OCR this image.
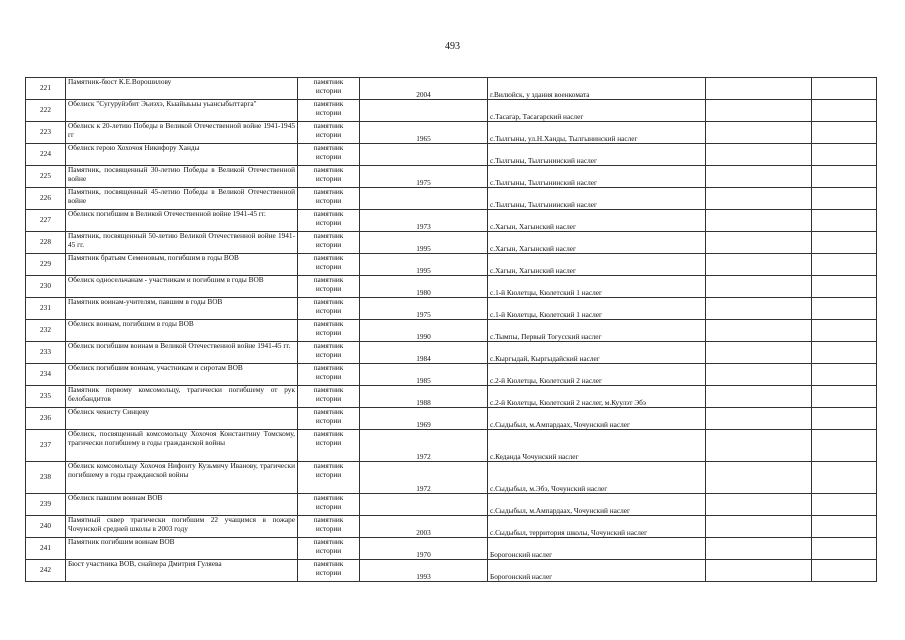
493
221	Памятник-бюст К.Е.Ворошилову	памятник
истории	2004	г.Вилюйск, у здания военкомата		
222	Обелиск "Сугуруйэбит Эьиэхэ, Кыайыьыы уьансыбыттарга"	памятник
истории		с.Тасагар, Тасагарский наслег		
223	Обелиск к 20-летию Победы в Великой Отечественной войне 1941-1945 гг	памятник
истории	1965	с.Тылгыны, ул.Н.Ханды, Тылгынинский наслег		
224	Обелиск герою Хохочоя Никифору Ханды	памятник
истории		с.Тылгыны, Тылгынинский наслег		
225	Памятник, посвященный 30-летию Победы в Великой Отечественной войне	памятник
истории	1975	с.Тылгыны, Тылгынинский наслег		
226	Памятник, посвященный 45-летию Победы в Великой Отечественной войне	памятник
истории		с.Тылгыны, Тылгынинский наслег		
227	Обелиск погибшим в Великой Отечественной войне 1941-45 гг.	памятник
истории	1973	с.Хагын, Хагынский наслег		
228	Памятник, посвященный 50-летию Великой Отечественной войне 1941-45 гг.	памятник
истории	1995	с.Хагын, Хагынский наслег		
229	Памятник братьям Семеновым, погибшим в годы ВОВ	памятник
истории	1995	с.Хагын, Хагынский наслег		
230	Обелиск односельчанам - участникам и погибшим в годы ВОВ	памятник
истории	1980	с.1-й Кюлетцы, Кюлетский 1 наслег		
231	Памятник воинам-учителям, павшим в годы ВОВ	памятник
истории	1975	с.1-й Кюлетцы, Кюлетский 1 наслег		
232	Обелиск воинам, погибшим в годы ВОВ	памятник
истории	1990	с.Тымпы, Первый Тогусский наслег		
233	Обелиск погибшим воинам в Великой Отечественной войне 1941-45 гг.	памятник
истории	1984	с.Кыргыдай, Кыргыдайский наслег		
234	Обелиск погибшим воинам, участникам и сиротам ВОВ	памятник
истории	1985	с.2-й Кюлетцы, Кюлетский 2 наслег		
235	Памятник первому комсомольцу, трагически погибшему от рук белобандитов	памятник
истории	1988	с.2-й Кюлетцы, Кюлетский 2 наслег, м.Куулэт Эбэ		
236	Обелиск чекисту Синцеву	памятник
истории	1969	с.Сыдыбыл, м.Ампардаах, Чочунский наслег		
237	Обелиск, посвященный комсомольцу Хохочоя Константину Томскому, трагически погибшему в годы гражданской войны	памятник
истории	1972	с.Кеданда Чочунский наслег		
238	Обелиск комсомольцу Хохочоя Нифонту Кузьмичу Иванову, трагически погибшему в годы гражданской войны	памятник
истории	1972	с.Сыдыбыл, м.Эбэ, Чочунский наслег		
239	Обелиск павшим воинам ВОВ	памятник
истории		с.Сыдыбыл, м.Ампардаах, Чочунский наслег		
240	Памятный сквер трагически погибшим 22 учащимся в пожаре Чочунской средней школы в 2003 году	памятник
истории	2003	с.Сыдыбыл, территория школы, Чочунский наслег		
241	Памятник погибшим воинам ВОВ	памятник
истории	1970	Борогонский наслег		
242	Бюст участника ВОВ, снайпера Дмитрия Гуляева	памятник
истории	1993	Борогонский наслег		
